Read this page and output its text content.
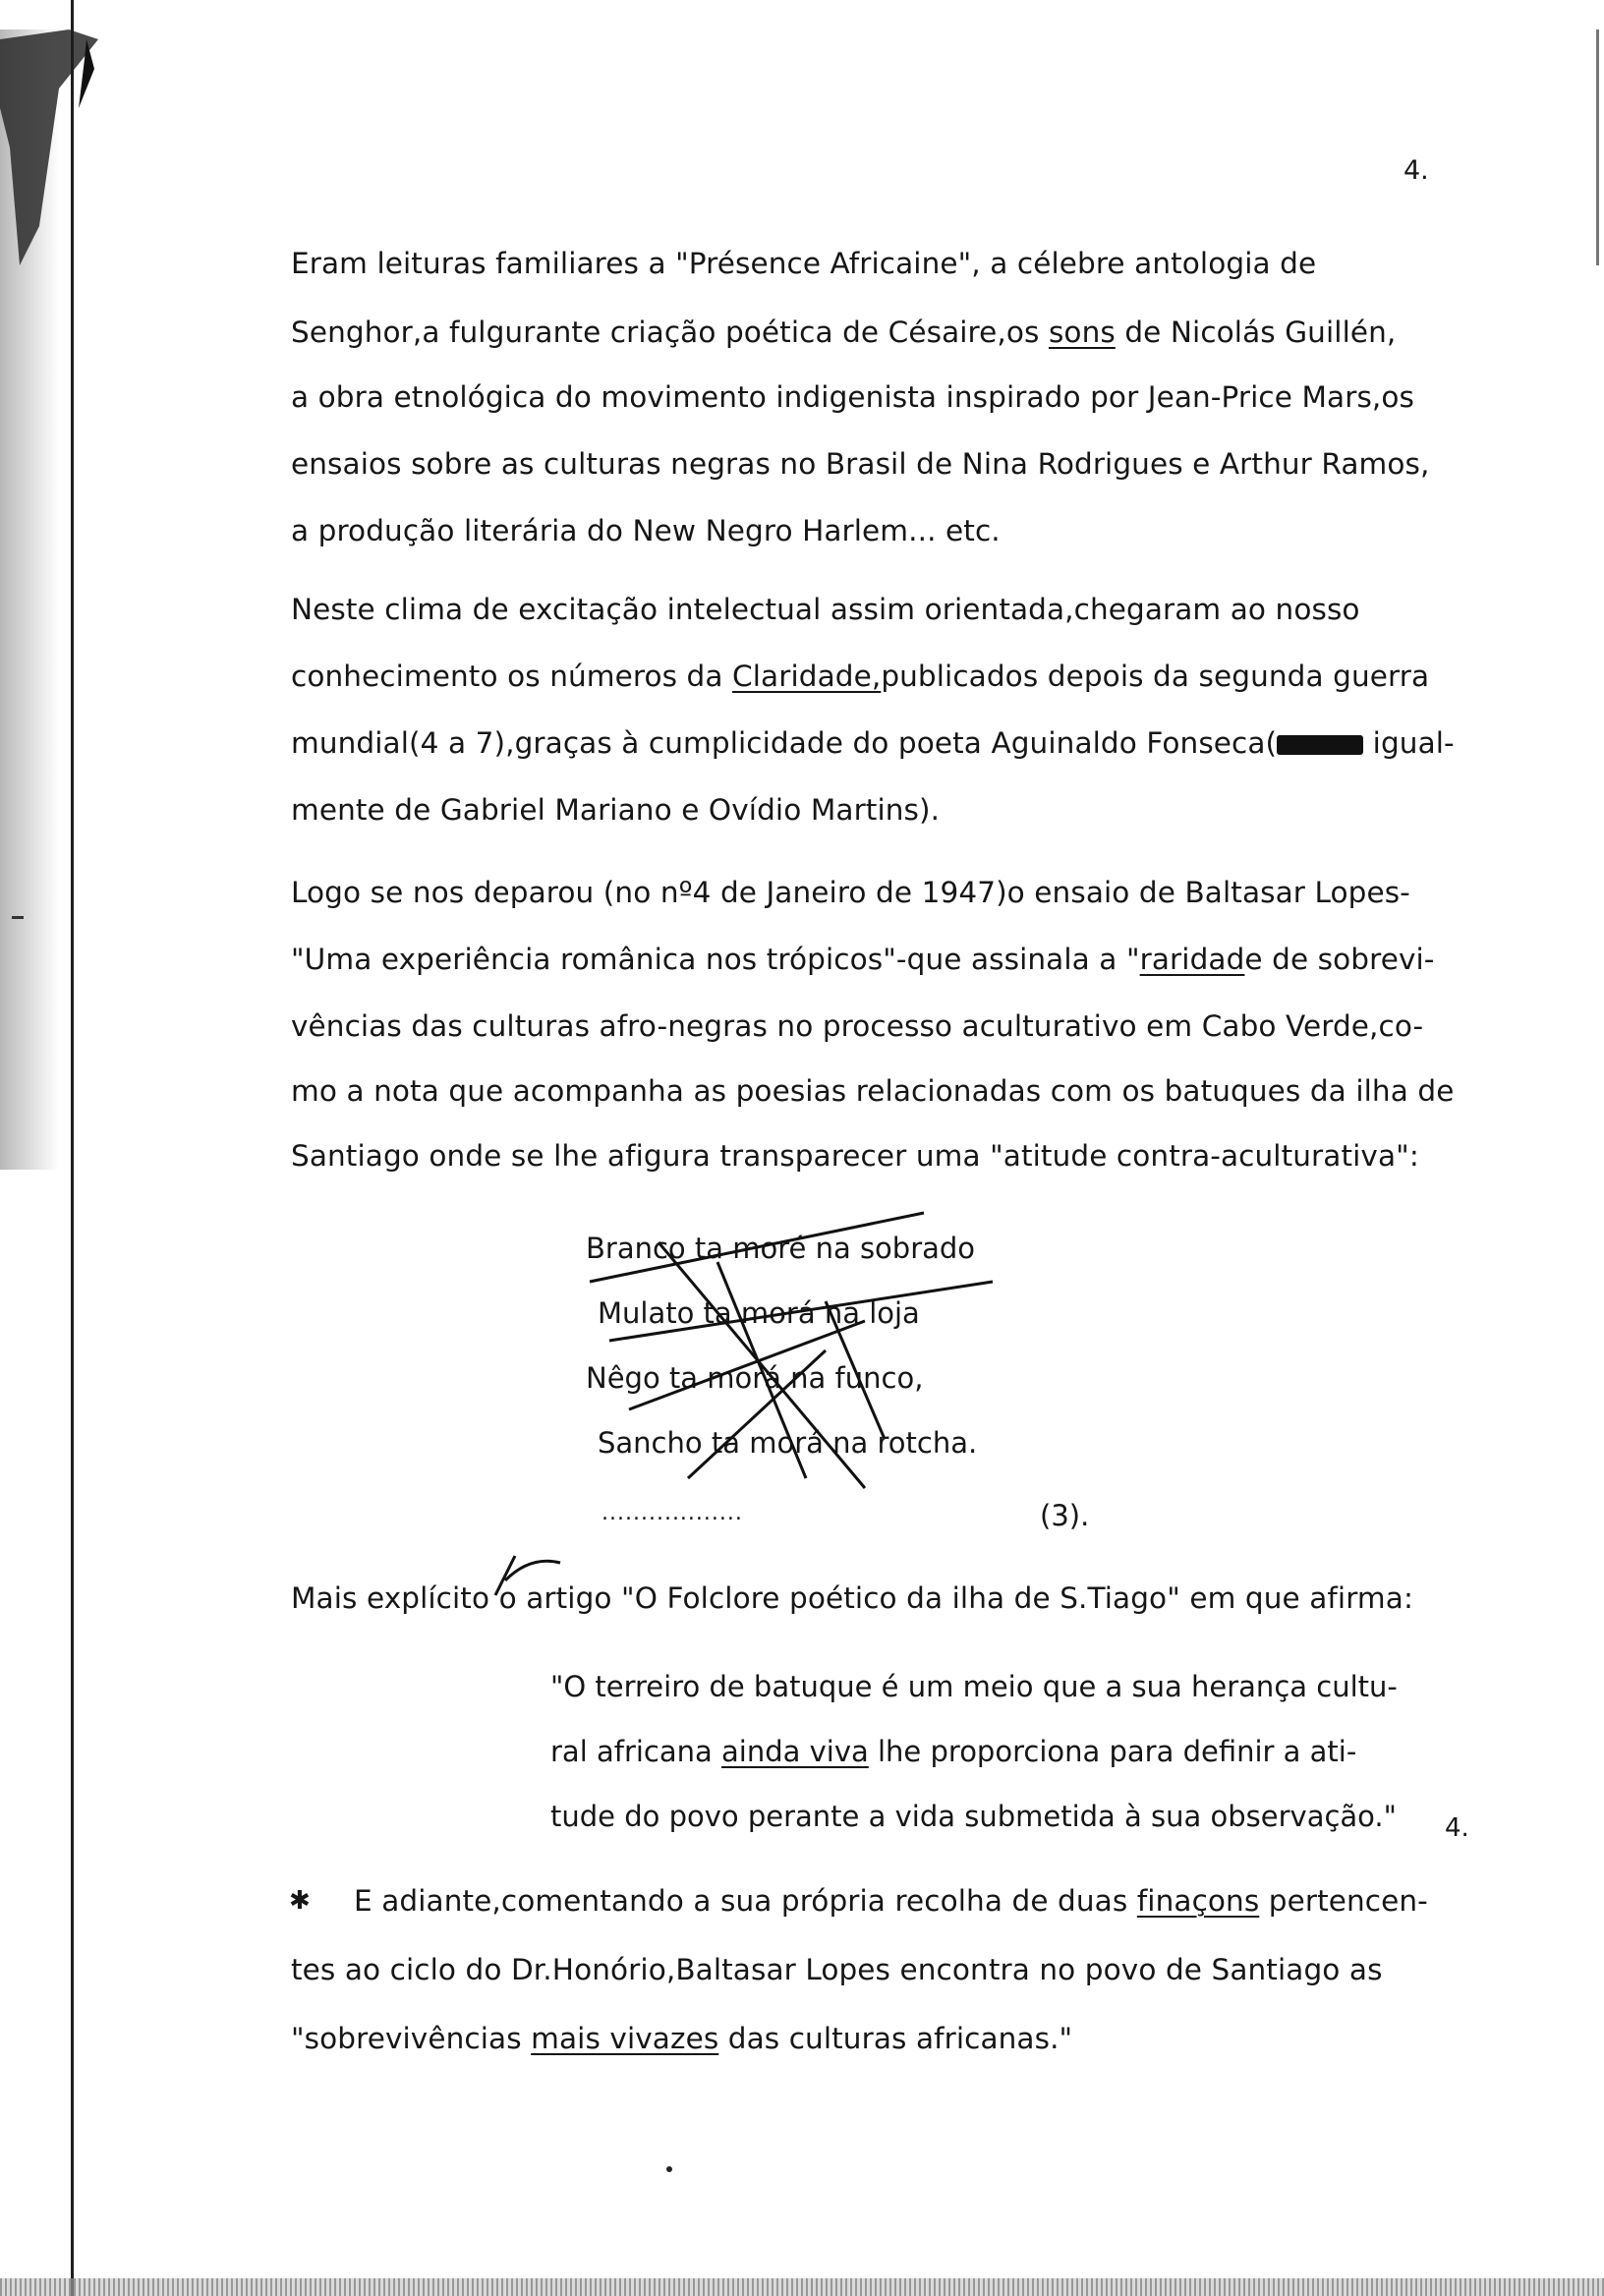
4.
Eram leituras familiares a "Présence Africaine", a célebre antologia de
Senghor,a fulgurante criação poética de Césaire,os sons de Nicolás Guillén,
a obra etnológica do movimento indigenista inspirado por Jean-Price Mars,os
ensaios sobre as culturas negras no Brasil de Nina Rodrigues e Arthur Ramos,
a produção literária do New Negro Harlem... etc.
Neste clima de excitação intelectual assim orientada,chegaram ao nosso
conhecimento os números da Claridade,publicados depois da segunda guerra
mundial(4 a 7),graças à cumplicidade do poeta Aguinaldo Fonseca(	igual-
mente de Gabriel Mariano e Ovídio Martins).
Logo se nos deparou (no nº4 de Janeiro de 1947)o ensaio de Baltasar Lopes-
"Uma experiência românica nos trópicos"-que assinala a "raridade de sobrevi-
vências das culturas afro-negras no processo aculturativo em Cabo Verde,co-
mo a nota que acompanha as poesias relacionadas com os batuques da ilha de
Santiago onde se lhe afigura transparecer uma "atitude contra-aculturativa":
Branco ta moré na sobrado
Mulato ta morá na loja
Nêgo ta morá na funco,
Sancho ta morá na rotcha.
..................	(3).
Mais explícito o artigo "O Folclore poético da ilha de S.Tiago" em que afirma:
"O terreiro de batuque é um meio que a sua herança cultu-
ral africana ainda viva lhe proporciona para definir a ati-
tude do povo perante a vida submetida à sua observação." 4.
✱ E adiante,comentando a sua própria recolha de duas finaçons pertencen-
tes ao ciclo do Dr.Honório,Baltasar Lopes encontra no povo de Santiago as
"sobrevivências mais vivazes das culturas africanas."
